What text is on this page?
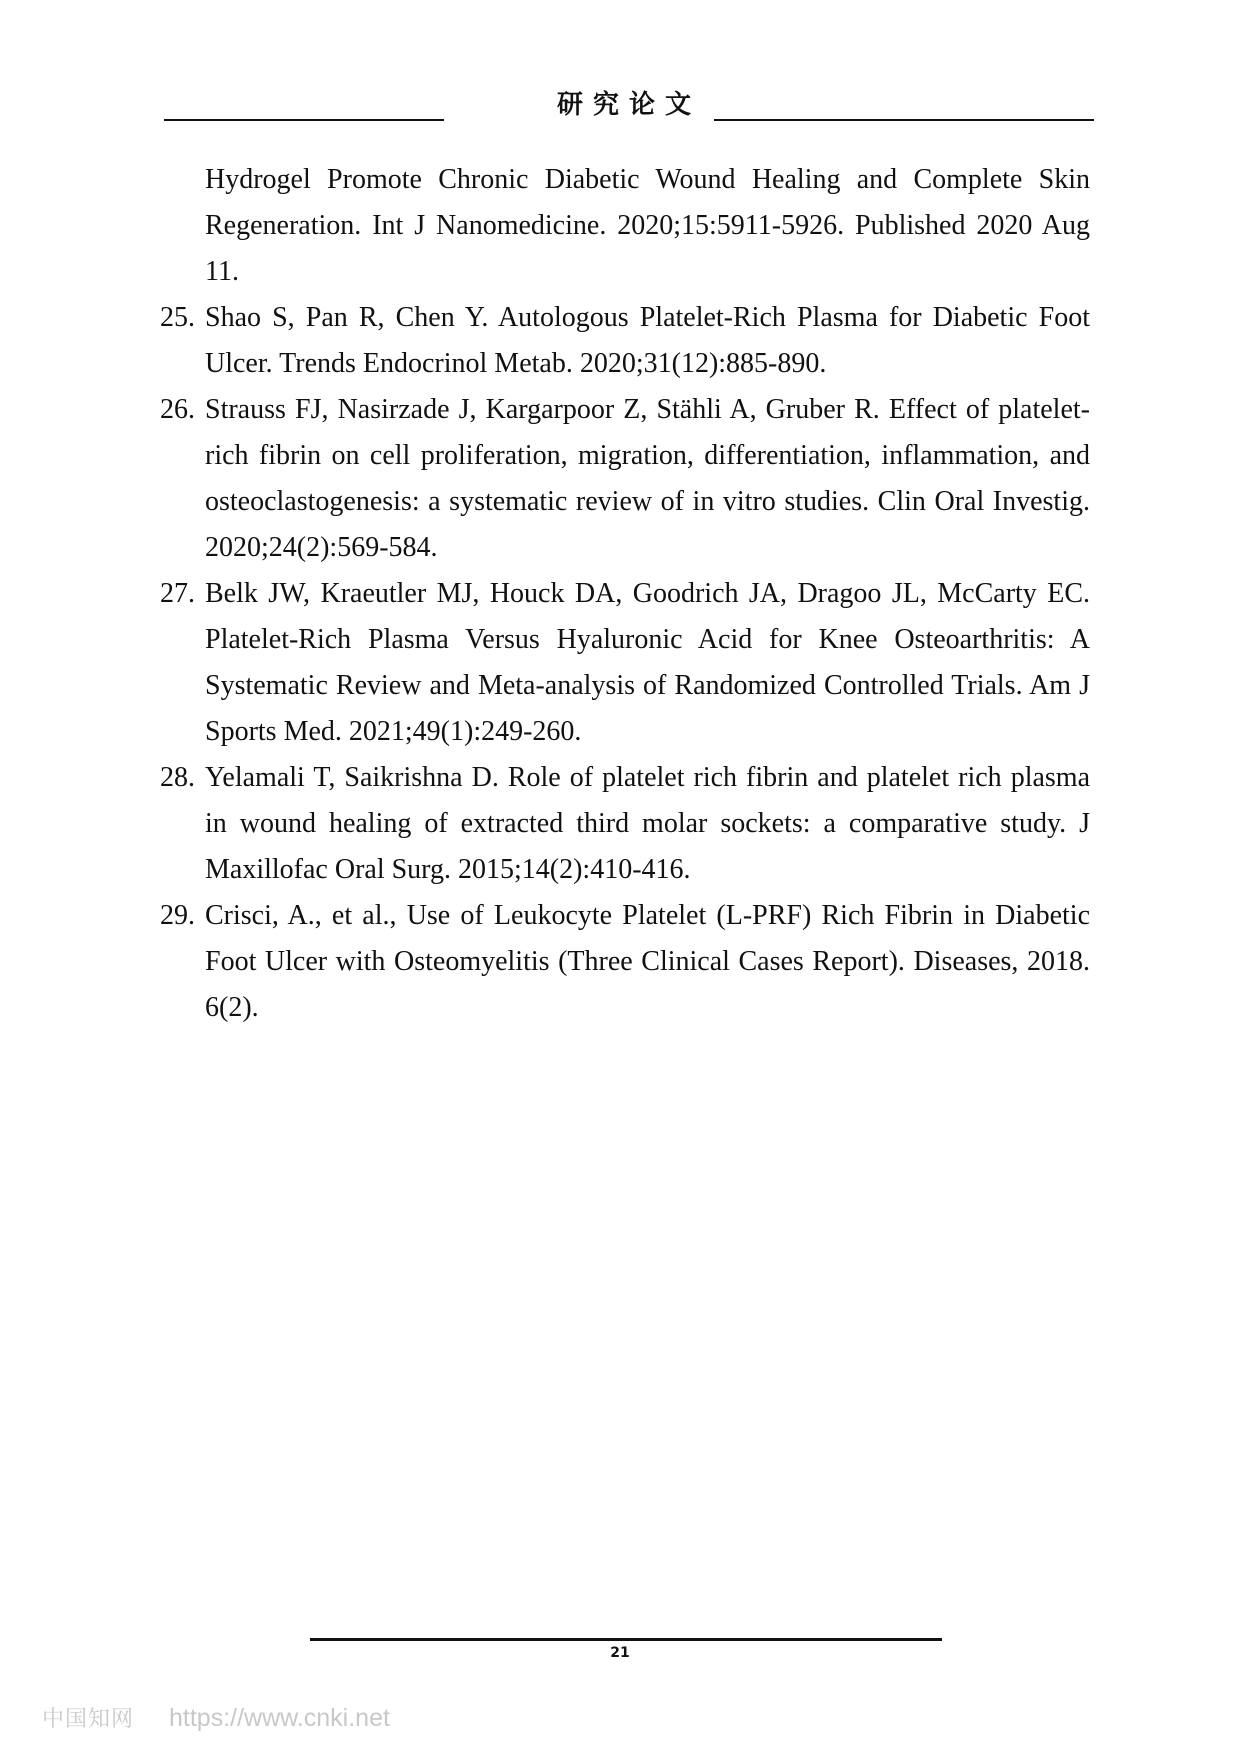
研究论文
Hydrogel Promote Chronic Diabetic Wound Healing and Complete Skin Regeneration. Int J Nanomedicine. 2020;15:5911-5926. Published 2020 Aug 11.
25. Shao S, Pan R, Chen Y. Autologous Platelet-Rich Plasma for Diabetic Foot Ulcer. Trends Endocrinol Metab. 2020;31(12):885-890.
26. Strauss FJ, Nasirzade J, Kargarpoor Z, Stähli A, Gruber R. Effect of platelet-rich fibrin on cell proliferation, migration, differentiation, inflammation, and osteoclastogenesis: a systematic review of in vitro studies. Clin Oral Investig. 2020;24(2):569-584.
27. Belk JW, Kraeutler MJ, Houck DA, Goodrich JA, Dragoo JL, McCarty EC. Platelet-Rich Plasma Versus Hyaluronic Acid for Knee Osteoarthritis: A Systematic Review and Meta-analysis of Randomized Controlled Trials. Am J Sports Med. 2021;49(1):249-260.
28. Yelamali T, Saikrishna D. Role of platelet rich fibrin and platelet rich plasma in wound healing of extracted third molar sockets: a comparative study. J Maxillofac Oral Surg. 2015;14(2):410-416.
29. Crisci, A., et al., Use of Leukocyte Platelet (L-PRF) Rich Fibrin in Diabetic Foot Ulcer with Osteomyelitis (Three Clinical Cases Report). Diseases, 2018. 6(2).
21
中国知网 https://www.cnki.net
